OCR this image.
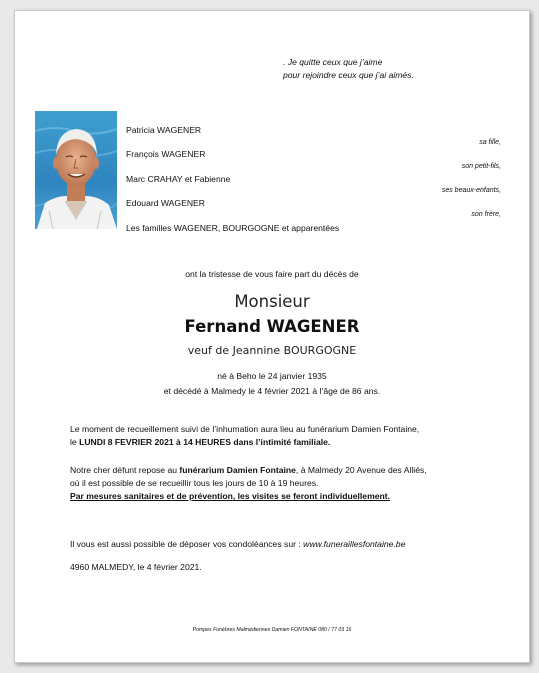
. Je quitte ceux que j’aime
pour rejoindre ceux que j’ai aimés.
Patricia WAGENER
sa fille,
François WAGENER
son petit-fils,
Marc CRAHAY et Fabienne
ses beaux-enfants,
Edouard WAGENER
son frère,
Les familles WAGENER, BOURGOGNE et apparentées
ont la tristesse de vous faire part du décès de
Monsieur
Fernand WAGENER
veuf de Jeannine BOURGOGNE
né à Beho le 24 janvier 1935
et décédé à Malmedy le 4 février 2021 à l’âge de 86 ans.
Le moment de recueillement suivi de l’inhumation aura lieu au funérarium Damien Fontaine,
le LUNDI 8 FEVRIER 2021 à 14 HEURES dans l’intimité familiale.
Notre cher défunt repose au funérarium Damien Fontaine, à Malmedy 20 Avenue des Alliés,
où il est possible de se recueillir tous les jours de 10 à 19 heures.
Par mesures sanitaires et de prévention, les visites se feront individuellement.
Il vous est aussi possible de déposer vos condoléances sur : www.funeraillesfontaine.be
4960 MALMEDY, le 4 février 2021.
Pompes Funèbres Malmédiennes Damien FONTAINE 080 / 77 03 16
